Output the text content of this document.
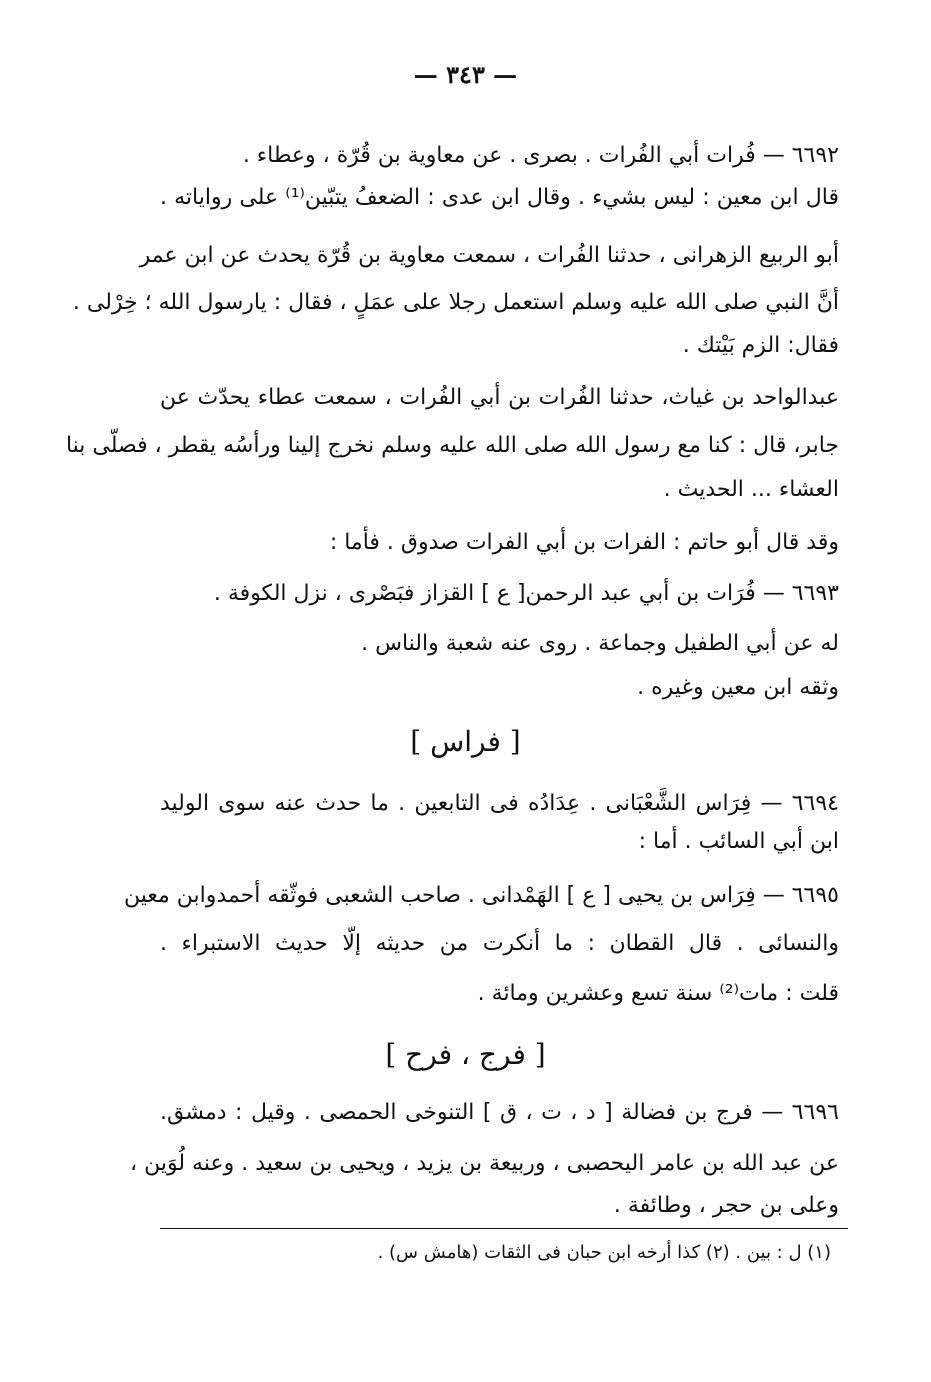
— ٣٤٣ —
٦٦٩٢ — فُرات أبي الفُرات . بصرى . عن معاوية بن قُرّة ، وعطاء .
قال ابن معين : ليس بشيء . وقال ابن عدى : الضعفُ يتبّين⁽¹⁾ على رواياته .
أبو الربيع الزهرانى ، حدثنا الفُرات ، سمعت معاوية بن قُرّة يحدث عن ابن عمر
أنَّ النبي صلى الله عليه وسلم استعمل رجلا على عمَلٍ ، فقال : يارسول الله ؛ خِرْلى .
فقال: الزم بَيْتك .
عبدالواحد بن غياث، حدثنا الفُرات بن أبي الفُرات ، سمعت عطاء يحدّث عن
جابر، قال : كنا مع رسول الله صلى الله عليه وسلم نخرج إلينا ورأسُه يقطر ، فصلّى بنا
العشاء ... الحديث .
وقد قال أبو حاتم : الفرات بن أبي الفرات صدوق . فأما :
٦٦٩٣ — فُرَات بن أبي عبد الرحمن[ ع ] القزاز فبَصْرى ، نزل الكوفة .
له عن أبي الطفيل وجماعة . روى عنه شعبة والناس .
وثقه ابن معين وغيره .
[ فراس ]
٦٦٩٤ — فِرَاس الشَّعْبَانى . عِدَادُه فى التابعين . ما حدث عنه سوى الوليد
ابن أبي السائب . أما :
٦٦٩٥ — فِرَاس بن يحيى [ ع ] الهَمْدانى . صاحب الشعبى فوثّقه أحمدوابن معين
والنسائى . قال القطان : ما أنكرت من حديثه إلّا حديث الاستبراء .
قلت : مات⁽²⁾ سنة تسع وعشرين ومائة .
[ فرج ، فرح ]
٦٦٩٦ — فرج بن فضالة [ د ، ت ، ق ] التنوخى الحمصى . وقيل : دمشق.
عن عبد الله بن عامر اليحصبى ، وربيعة بن يزيد ، ويحيى بن سعيد . وعنه لُوَين ،
وعلى بن حجر ، وطائفة .
(١) ل : بين . (٢) كذا أرخه ابن حبان فى الثقات (هامش س) .
